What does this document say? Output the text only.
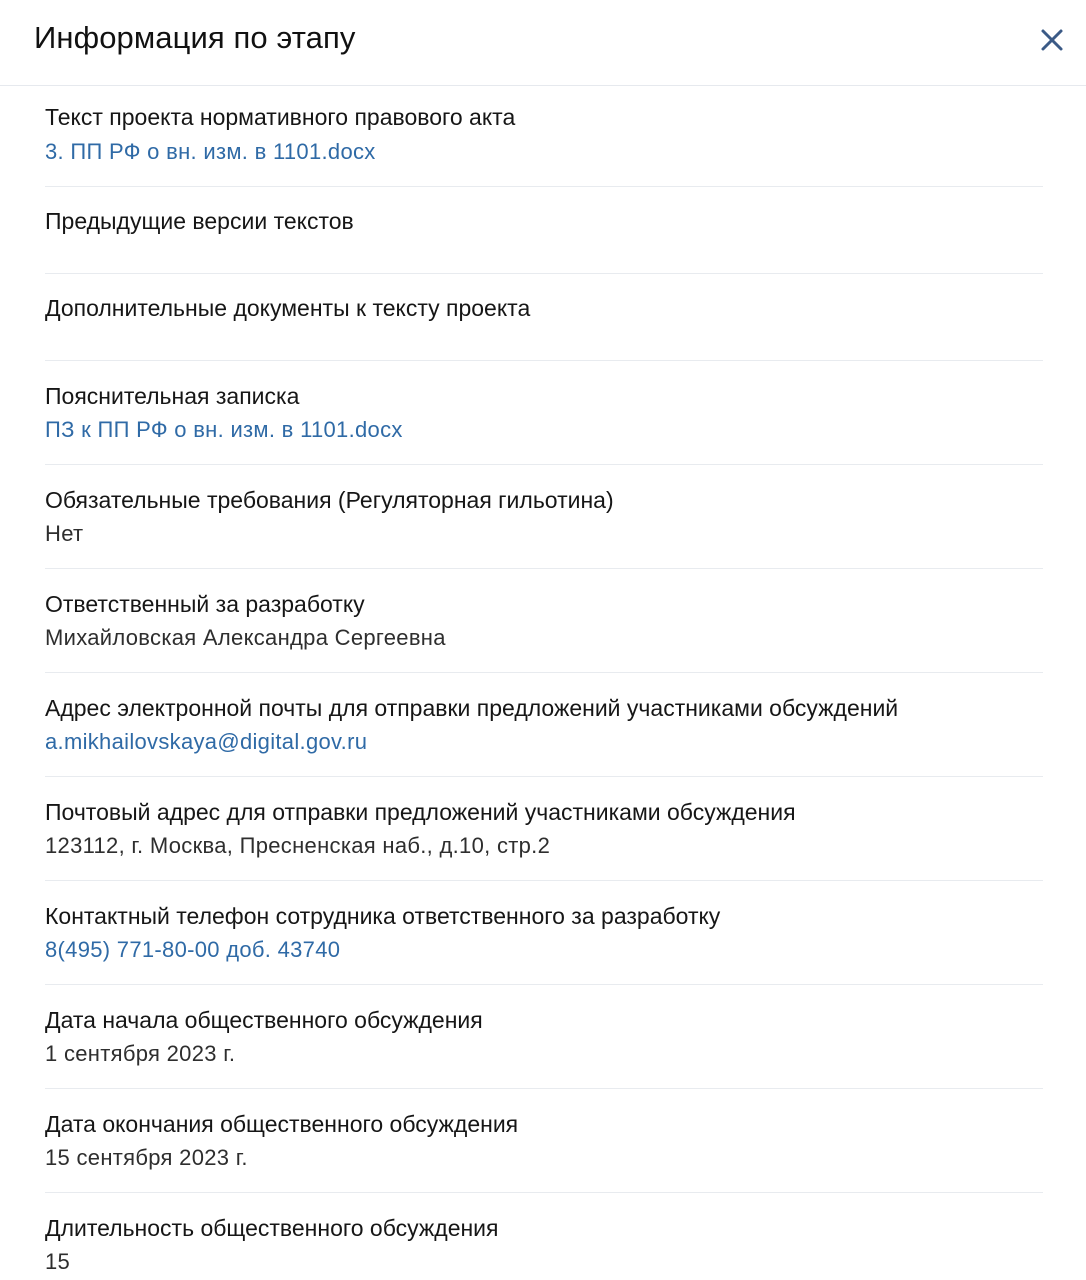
Информация по этапу
Текст проекта нормативного правового акта
3. ПП РФ о вн. изм. в 1101.docx
Предыдущие версии текстов
Дополнительные документы к тексту проекта
Пояснительная записка
ПЗ к ПП РФ о вн. изм. в 1101.docx
Обязательные требования (Регуляторная гильотина)
Нет
Ответственный за разработку
Михайловская Александра Сергеевна
Адрес электронной почты для отправки предложений участниками обсуждений
a.mikhailovskaya@digital.gov.ru
Почтовый адрес для отправки предложений участниками обсуждения
123112, г. Москва, Пресненская наб., д.10, стр.2
Контактный телефон сотрудника ответственного за разработку
8(495) 771-80-00 доб. 43740
Дата начала общественного обсуждения
1 сентября 2023 г.
Дата окончания общественного обсуждения
15 сентября 2023 г.
Длительность общественного обсуждения
15
